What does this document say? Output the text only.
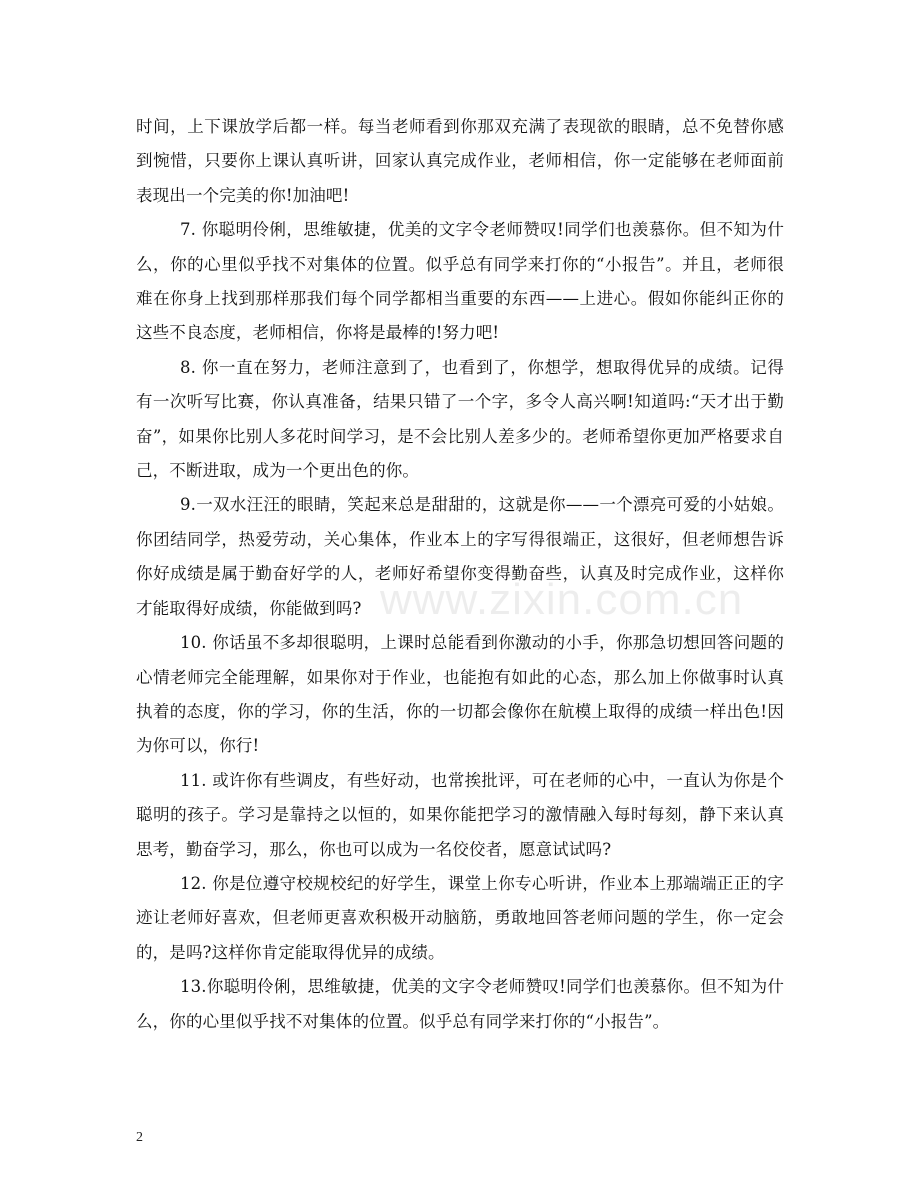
时间，上下课放学后都一样。每当老师看到你那双充满了表现欲的眼睛，总不免替你感到惋惜，只要你上课认真听讲，回家认真完成作业，老师相信，你一定能够在老师面前表现出一个完美的你!加油吧!

7. 你聪明伶俐，思维敏捷，优美的文字令老师赞叹!同学们也羡慕你。但不知为什么，你的心里似乎找不对集体的位置。似乎总有同学来打你的“小报告”。并且，老师很难在你身上找到那样那我们每个同学都相当重要的东西——上进心。假如你能纠正你的这些不良态度，老师相信，你将是最棒的!努力吧!

8. 你一直在努力，老师注意到了，也看到了，你想学，想取得优异的成绩。记得有一次听写比赛，你认真准备，结果只错了一个字，多令人高兴啊!知道吗:“天才出于勤奋”，如果你比别人多花时间学习，是不会比别人差多少的。老师希望你更加严格要求自己，不断进取，成为一个更出色的你。

9.一双水汪汪的眼睛，笑起来总是甜甜的，这就是你——一个漂亮可爱的小姑娘。你团结同学，热爱劳动，关心集体，作业本上的字写得很端正，这很好，但老师想告诉你好成绩是属于勤奋好学的人，老师好希望你变得勤奋些，认真及时完成作业，这样你才能取得好成绩，你能做到吗?

10. 你话虽不多却很聪明，上课时总能看到你激动的小手，你那急切想回答问题的心情老师完全能理解，如果你对于作业，也能抱有如此的心态，那么加上你做事时认真执着的态度，你的学习，你的生活，你的一切都会像你在航模上取得的成绩一样出色!因为你可以，你行!

11. 或许你有些调皮，有些好动，也常挨批评，可在老师的心中，一直认为你是个聪明的孩子。学习是靠持之以恒的，如果你能把学习的激情融入每时每刻，静下来认真思考，勤奋学习，那么，你也可以成为一名佼佼者，愿意试试吗?

12. 你是位遵守校规校纪的好学生，课堂上你专心听讲，作业本上那端端正正的字迹让老师好喜欢，但老师更喜欢积极开动脑筋，勇敢地回答老师问题的学生，你一定会的，是吗?这样你肯定能取得优异的成绩。

13.你聪明伶俐，思维敏捷，优美的文字令老师赞叹!同学们也羡慕你。但不知为什么，你的心里似乎找不对集体的位置。似乎总有同学来打你的“小报告”。

www.zixin.com.cn
2
